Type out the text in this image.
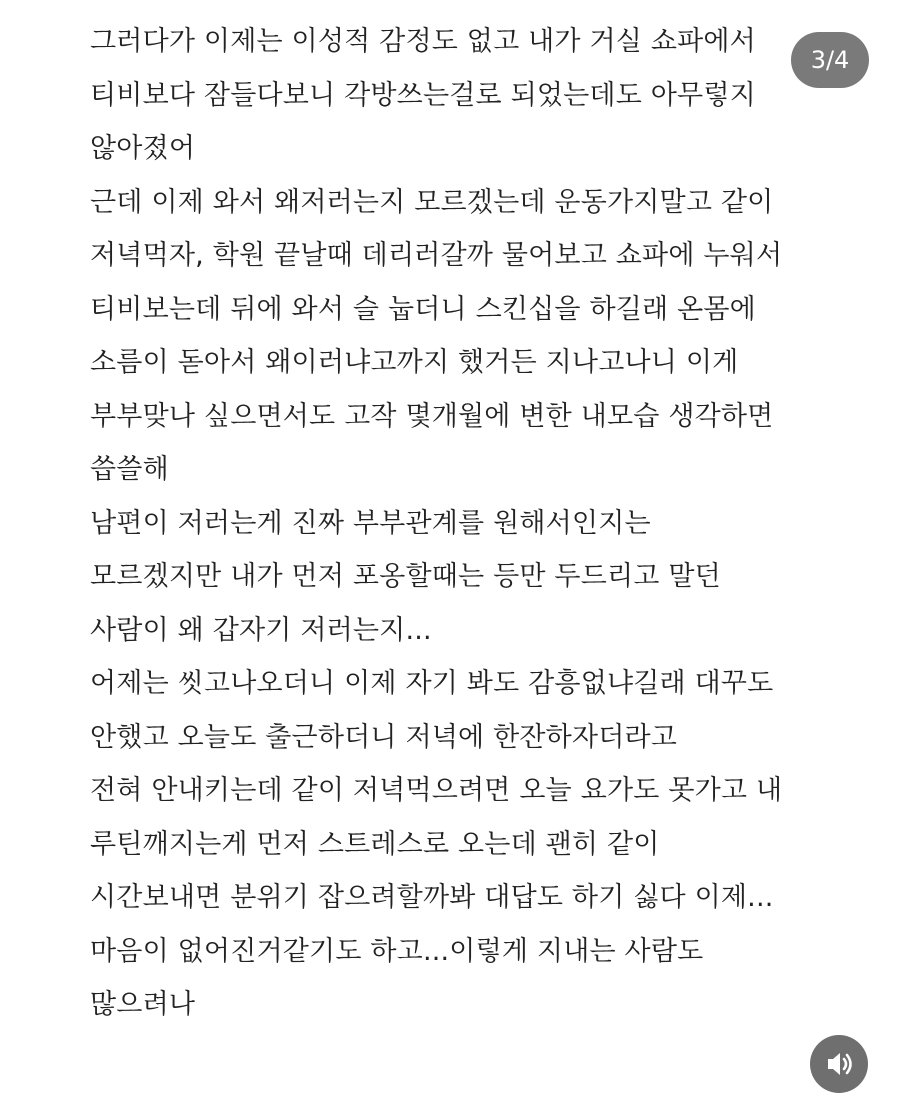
그러다가 이제는 이성적 감정도 없고 내가 거실 쇼파에서
티비보다 잠들다보니 각방쓰는걸로 되었는데도 아무렇지
않아졌어
근데 이제 와서 왜저러는지 모르겠는데 운동가지말고 같이
저녁먹자, 학원 끝날때 데리러갈까 물어보고 쇼파에 누워서
티비보는데 뒤에 와서 슬 눕더니 스킨십을 하길래 온몸에
소름이 돋아서 왜이러냐고까지 했거든 지나고나니 이게
부부맞나 싶으면서도 고작 몇개월에 변한 내모습 생각하면
씁쓸해
남편이 저러는게 진짜 부부관계를 원해서인지는
모르겠지만 내가 먼저 포옹할때는 등만 두드리고 말던
사람이 왜 갑자기 저러는지...
어제는 씻고나오더니 이제 자기 봐도 감흥없냐길래 대꾸도
안했고 오늘도 출근하더니 저녁에 한잔하자더라고
전혀 안내키는데 같이 저녁먹으려면 오늘 요가도 못가고 내
루틴깨지는게 먼저 스트레스로 오는데 괜히 같이
시간보내면 분위기 잡으려할까봐 대답도 하기 싫다 이제...
마음이 없어진거같기도 하고...이렇게 지내는 사람도
많으려나
3/4
